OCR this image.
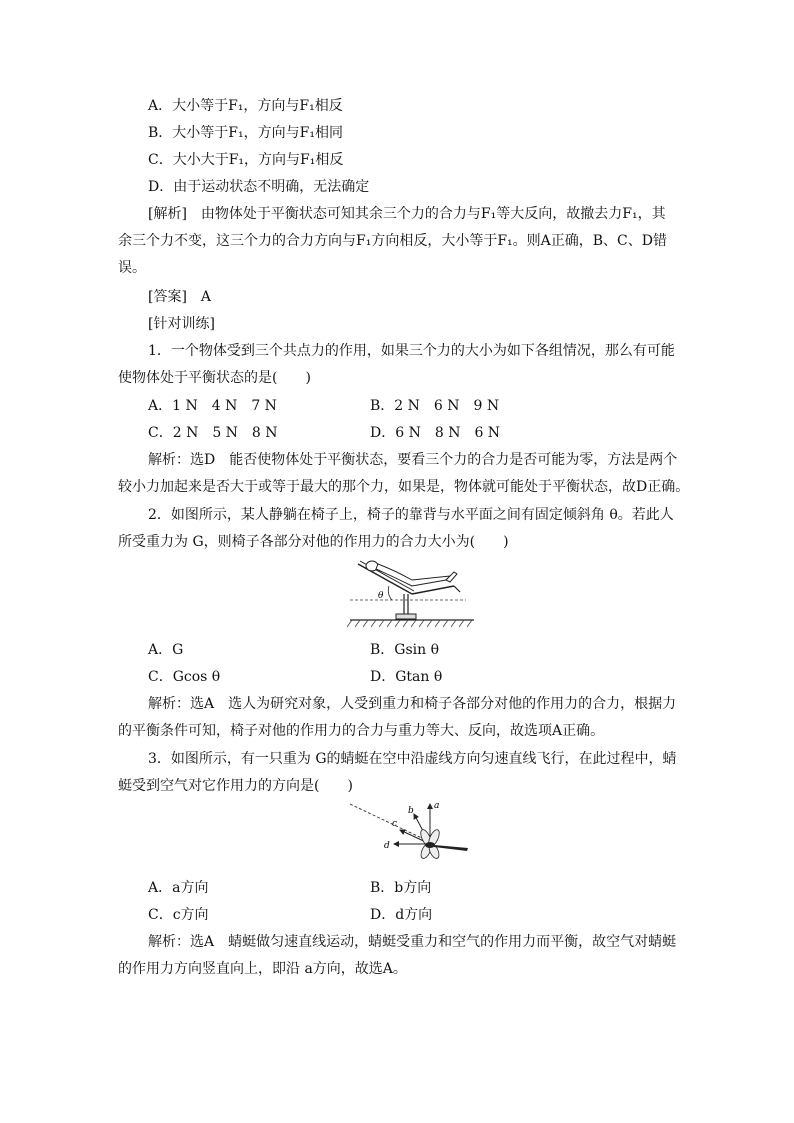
A．大小等于F₁，方向与F₁相反
B．大小等于F₁，方向与F₁相同
C．大小大于F₁，方向与F₁相反
D．由于运动状态不明确，无法确定
[解析]　由物体处于平衡状态可知其余三个力的合力与F₁等大反向，故撤去力F₁，其
余三个力不变，这三个力的合力方向与F₁方向相反，大小等于F₁。则A正确，B、C、D错
误。
[答案]　A
[针对训练]
1．一个物体受到三个共点力的作用，如果三个力的大小为如下各组情况，那么有可能
使物体处于平衡状态的是(　　)
A．1 N　4 N　7 N	B．2 N　6 N　9 N
C．2 N　5 N　8 N	D．6 N　8 N　6 N
解析：选D　能否使物体处于平衡状态，要看三个力的合力是否可能为零，方法是两个
较小力加起来是否大于或等于最大的那个力，如果是，物体就可能处于平衡状态，故D正确。
2．如图所示，某人静躺在椅子上，椅子的靠背与水平面之间有固定倾斜角 θ。若此人
所受重力为 G，则椅子各部分对他的作用力的合力大小为(　　)
θ
A．G	B．Gsin θ
C．Gcos θ	D．Gtan θ
解析：选A　选人为研究对象，人受到重力和椅子各部分对他的作用力的合力，根据力
的平衡条件可知，椅子对他的作用力的合力与重力等大、反向，故选项A正确。
3．如图所示，有一只重为 G的蜻蜓在空中沿虚线方向匀速直线飞行，在此过程中，蜻
蜓受到空气对它作用力的方向是(　　)
a
b
c
d
A．a方向	B．b方向
C．c方向	D．d方向
解析：选A　蜻蜓做匀速直线运动，蜻蜓受重力和空气的作用力而平衡，故空气对蜻蜓
的作用力方向竖直向上，即沿 a方向，故选A。
